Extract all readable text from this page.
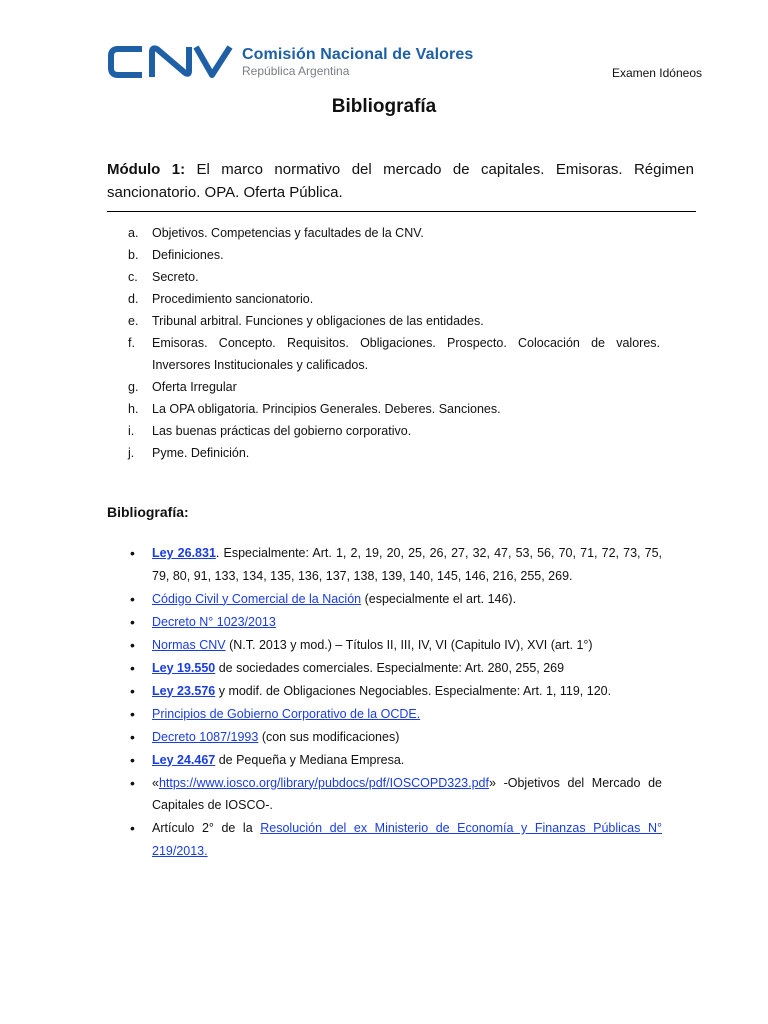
Comisión Nacional de Valores
República Argentina	Examen Idóneos
Bibliografía
Módulo 1: El marco normativo del mercado de capitales. Emisoras. Régimen sancionatorio. OPA. Oferta Pública.
a.	Objetivos. Competencias y facultades de la CNV.
b.	Definiciones.
c.	Secreto.
d.	Procedimiento sancionatorio.
e.	Tribunal arbitral. Funciones y obligaciones de las entidades.
f.	Emisoras. Concepto. Requisitos. Obligaciones. Prospecto. Colocación de valores. Inversores Institucionales y calificados.
g.	Oferta Irregular
h.	La OPA obligatoria. Principios Generales. Deberes. Sanciones.
i.	Las buenas prácticas del gobierno corporativo.
j.	Pyme. Definición.
Bibliografía:
•	Ley 26.831. Especialmente: Art. 1, 2, 19, 20, 25, 26, 27, 32, 47, 53, 56, 70, 71, 72, 73, 75, 79, 80, 91, 133, 134, 135, 136, 137, 138, 139, 140, 145, 146, 216, 255, 269.
•	Código Civil y Comercial de la Nación (especialmente el art. 146).
•	Decreto N° 1023/2013
•	Normas CNV (N.T. 2013 y mod.) – Títulos II, III, IV, VI (Capitulo IV), XVI (art. 1°)
•	Ley 19.550 de sociedades comerciales. Especialmente: Art. 280, 255, 269
•	Ley 23.576 y modif. de Obligaciones Negociables. Especialmente: Art. 1, 119, 120.
•	Principios de Gobierno Corporativo de la OCDE.
•	Decreto 1087/1993 (con sus modificaciones)
•	Ley 24.467 de Pequeña y Mediana Empresa.
•	«https://www.iosco.org/library/pubdocs/pdf/IOSCOPD323.pdf» -Objetivos del Mercado de Capitales de IOSCO-.
•	Artículo 2° de la Resolución del ex Ministerio de Economía y Finanzas Públicas N° 219/2013.
